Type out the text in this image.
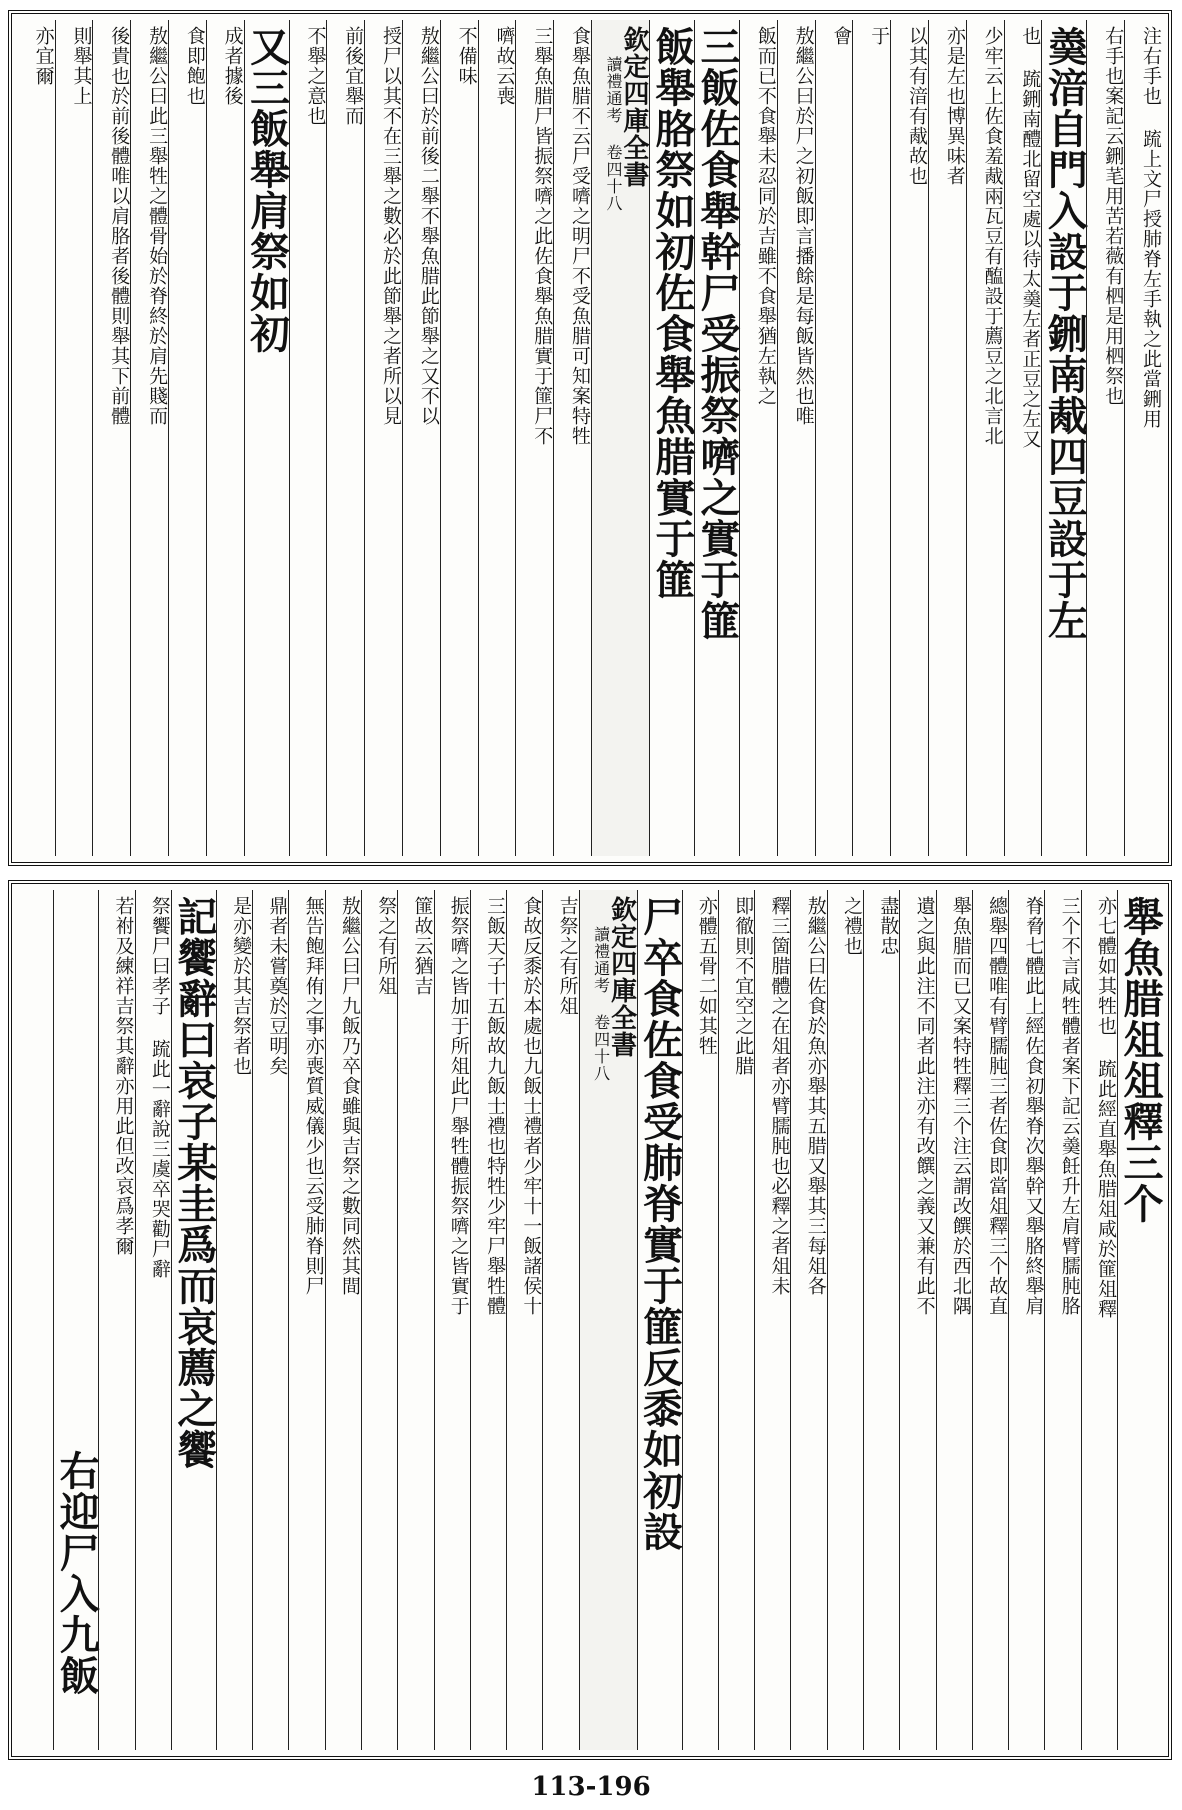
注右手也 䟽上文尸授肺脊左手執之此當鉶用
右手也案記云鉶芼用苦若薇有柶是用柶祭也
羮湆自門入設于鉶南胾四豆設于左
也 䟽鉶南醴北留空處以待太羮左者正豆之左又
少牢云上佐食羞胾兩瓦豆有醢設于薦豆之北言北
亦是左也博異味者
以其有湆有胾故也
于
會
敖繼公曰於尸之初飯即言播餘是每飯皆然也唯
飯而已不食舉未忍同於吉雖不食舉猶左執之
三飯佐食舉幹尸受振祭嚌之實于篚
飯舉胳祭如初佐食舉魚腊實于篚
欽定四庫全書
讀禮通考 卷四十八
食舉魚腊不云尸受嚌之明尸不受魚腊可知案特牲
三舉魚腊尸皆振祭嚌之此佐食舉魚腊實于篚尸不
嚌故云喪
不備味
敖繼公曰於前後二舉不舉魚腊此節舉之又不以
授尸以其不在三舉之數必於此節舉之者所以見
前後宜舉而
不舉之意也
又三飯舉肩祭如初
成者據後
食即飽也
敖繼公曰此三舉牲之體骨始於脊終於肩先賤而
後貴也於前後體唯以肩胳者後體則舉其下前體
則舉其上
亦宜爾
舉魚腊俎俎釋三个
亦七體如其牲也 䟽此經直舉魚腊俎咸於篚俎釋
三个不言咸牲體者案下記云羮飪升左肩臂臑肫胳
脊脅七體此上經佐食初舉脊次舉幹又舉胳終舉肩
總舉四體唯有臂臑肫三者佐食即當俎釋三个故直
舉魚腊而已又案特牲釋三个注云謂改饌於西北隅
遺之與此注不同者此注亦有改饌之義又兼有此不
盡散忠
之禮也
敖繼公曰佐食於魚亦舉其五腊又舉其三每俎各
釋三箇腊體之在俎者亦臂臑肫也必釋之者俎未
即徹則不宜空之此腊
亦體五骨二如其牲
尸卒食佐食受肺脊實于篚反黍如初設
欽定四庫全書
讀禮通考 卷四十八
吉祭之有所俎
食故反黍於本處也九飯士禮者少牢十一飯諸侯十
三飯天子十五飯故九飯士禮也特牲少牢尸舉牲體
振祭嚌之皆加于所俎此尸舉牲體振祭嚌之皆實于
篚故云猶吉
祭之有所俎
敖繼公曰尸九飯乃卒食雖與吉祭之數同然其間
無告飽拜侑之事亦喪質威儀少也云受肺脊則尸
鼎者未嘗奠於豆明矣
是亦變於其吉祭者也
記饗辭曰哀子某圭爲而哀薦之饗
祭饗尸曰孝子 䟽此一辭說三虞卒哭勸尸辭
若祔及練祥吉祭其辭亦用此但改哀爲孝爾
右迎尸入九飯
113-196
